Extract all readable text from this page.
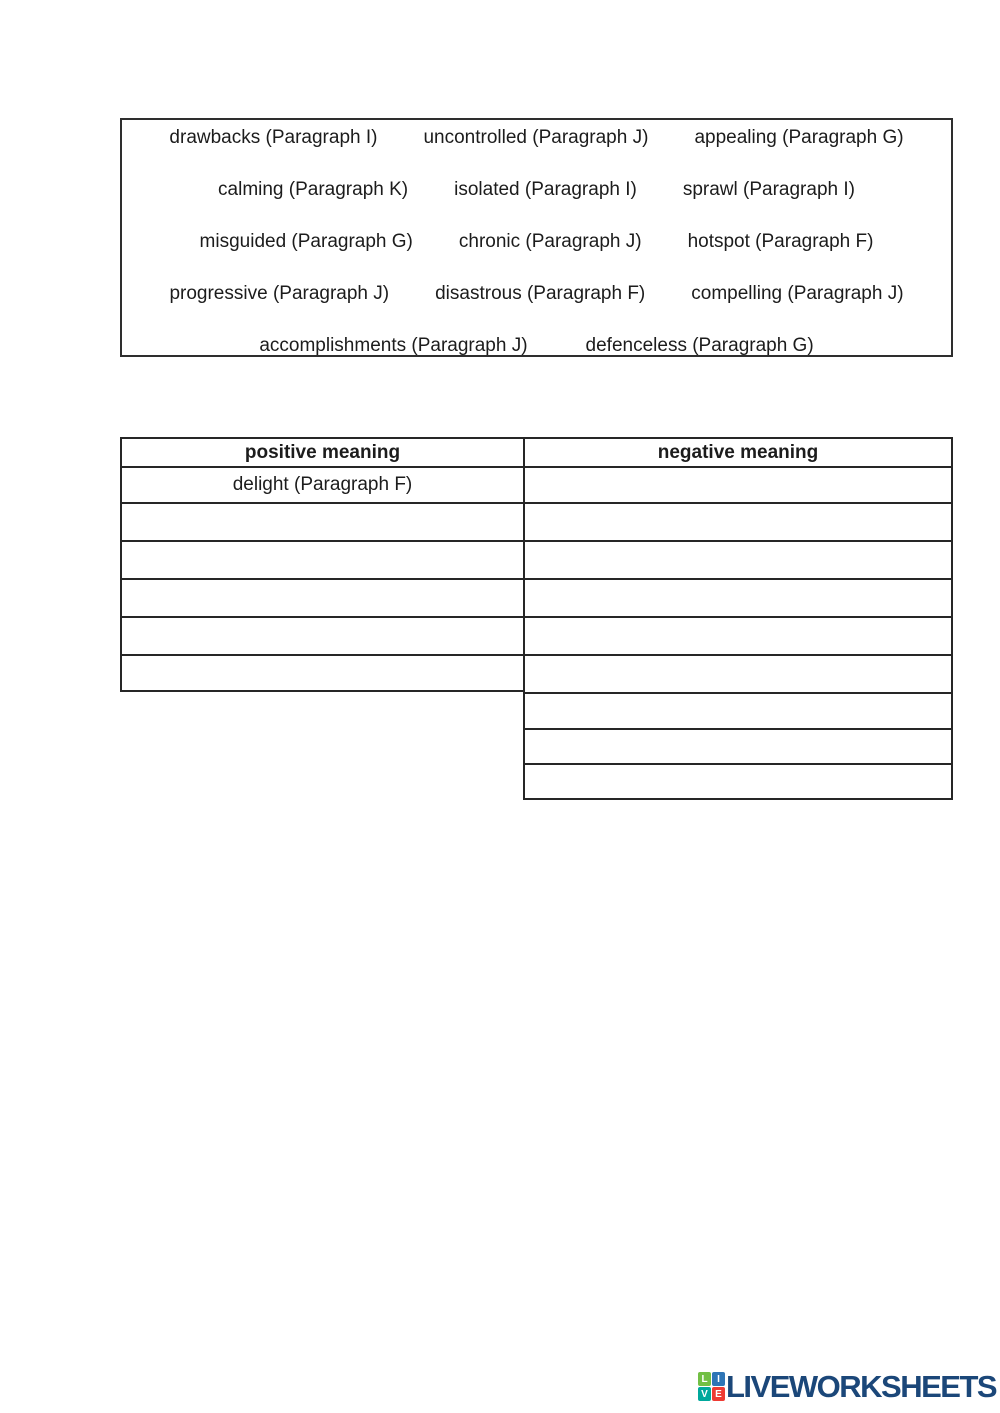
drawbacks (Paragraph I) uncontrolled (Paragraph J) appealing (Paragraph G)
calming (Paragraph K) isolated (Paragraph I) sprawl (Paragraph I)
misguided (Paragraph G) chronic (Paragraph J) hotspot (Paragraph F)
progressive (Paragraph J) disastrous (Paragraph F) compelling (Paragraph J)
accomplishments (Paragraph J)	defenceless (Paragraph G)
positive meaning
delight (Paragraph F)
negative meaning
L I
V E LIVEWORKSHEETS
